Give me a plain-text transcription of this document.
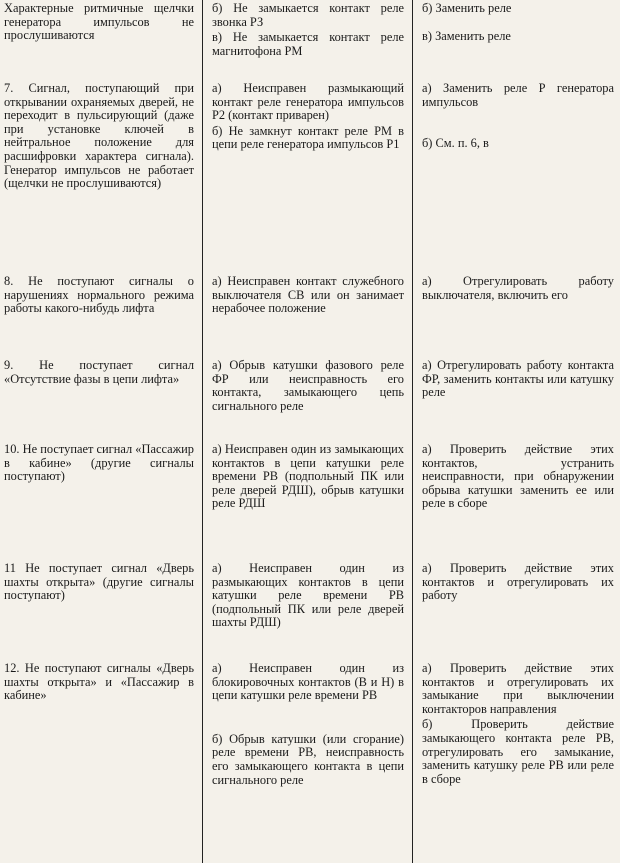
Характерные ритмичные щелчки генератора импульсов не прослушиваются

б) Не замыкается контакт реле звонка РЗ

в) Не замыкается контакт реле магнитофона РМ

б) Заменить реле

в) Заменить реле

7. Сигнал, поступающий при открывании охраняемых дверей, не переходит в пульсирующий (даже при установке ключей в нейтральное положение для расшифровки характера сигнала). Генератор импульсов не работает (щелчки не прослушиваются)

а) Неисправен размыкающий контакт реле генератора импульсов Р2 (контакт приварен)

б) Не замкнут контакт реле РМ в цепи реле генератора импульсов Р1

а) Заменить реле Р генератора импульсов

б) См. п. 6, в

8. Не поступают сигналы о нарушениях нормального режима работы какого-нибудь лифта

а) Неисправен контакт служебного выключателя СВ или он занимает нерабочее положение

а) Отрегулировать работу выключателя, включить его

9. Не поступает сигнал «Отсутствие фазы в цепи лифта»

а) Обрыв катушки фазового реле ФР или неисправность его контакта, замыкающего цепь сигнального реле

а) Отрегулировать работу контакта ФР, заменить контакты или катушку реле

10. Не поступает сигнал «Пассажир в кабине» (другие сигналы поступают)

а) Неисправен один из замыкающих контактов в цепи катушки реле времени РВ (подпольный ПК или реле дверей РДШ), обрыв катушки реле РДШ

а) Проверить действие этих контактов, устранить неисправности, при обнаружении обрыва катушки заменить ее или реле в сборе

11 Не поступает сигнал «Дверь шахты открыта» (другие сигналы поступают)

а) Неисправен один из размыкающих контактов в цепи катушки реле времени РВ (подпольный ПК или реле дверей шахты РДШ)

а) Проверить действие этих контактов и отрегулировать их работу

12. Не поступают сигналы «Дверь шахты открыта» и «Пассажир в кабине»

а) Неисправен один из блокировочных контактов (В и Н) в цепи катушки реле времени РВ

б) Обрыв катушки (или сгорание) реле времени РВ, неисправность его замыкающего контакта в цепи сигнального реле

а) Проверить действие этих контактов и отрегулировать их замыкание при выключении контакторов направления

б) Проверить действие замыкающего контакта реле РВ, отрегулировать его замыкание, заменить катушку реле РВ или реле в сборе
